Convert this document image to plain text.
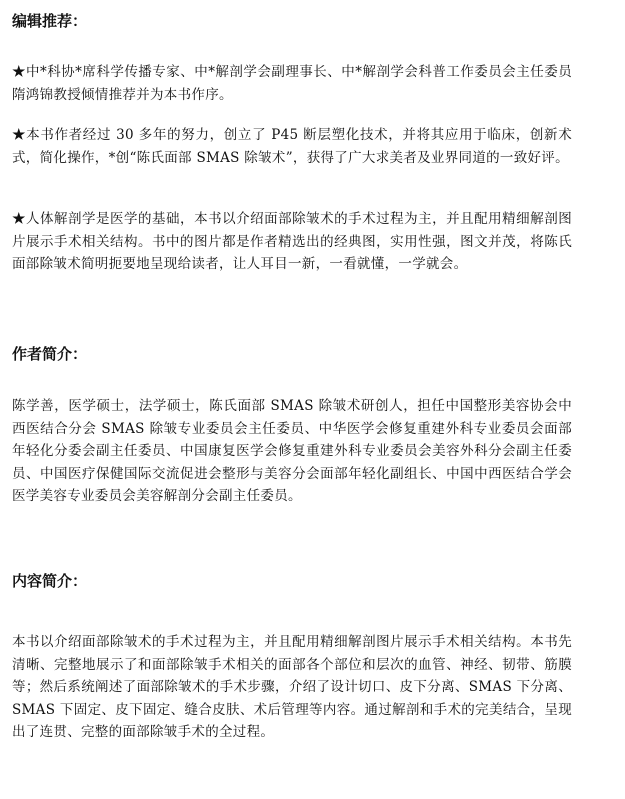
编辑推荐：

★中*科协*席科学传播专家、中*解剖学会副理事长、中*解剖学会科普工作委员会主任委员隋鸿锦教授倾情推荐并为本书作序。

★本书作者经过 30 多年的努力，创立了 P45 断层塑化技术，并将其应用于临床，创新术式，简化操作，*创“陈氏面部 SMAS 除皱术”，获得了广大求美者及业界同道的一致好评。

★人体解剖学是医学的基础，本书以介绍面部除皱术的手术过程为主，并且配用精细解剖图片展示手术相关结构。书中的图片都是作者精选出的经典图，实用性强，图文并茂，将陈氏面部除皱术简明扼要地呈现给读者，让人耳目一新，一看就懂，一学就会。

作者简介：

陈学善，医学硕士，法学硕士，陈氏面部 SMAS 除皱术研创人，担任中国整形美容协会中西医结合分会 SMAS 除皱专业委员会主任委员、中华医学会修复重建外科专业委员会面部年轻化分委会副主任委员、中国康复医学会修复重建外科专业委员会美容外科分会副主任委员、中国医疗保健国际交流促进会整形与美容分会面部年轻化副组长、中国中西医结合学会医学美容专业委员会美容解剖分会副主任委员。

内容简介：

本书以介绍面部除皱术的手术过程为主，并且配用精细解剖图片展示手术相关结构。本书先清晰、完整地展示了和面部除皱手术相关的面部各个部位和层次的血管、神经、韧带、筋膜等；然后系统阐述了面部除皱术的手术步骤，介绍了设计切口、皮下分离、SMAS 下分离、SMAS 下固定、皮下固定、缝合皮肤、术后管理等内容。通过解剖和手术的完美结合，呈现出了连贯、完整的面部除皱手术的全过程。
